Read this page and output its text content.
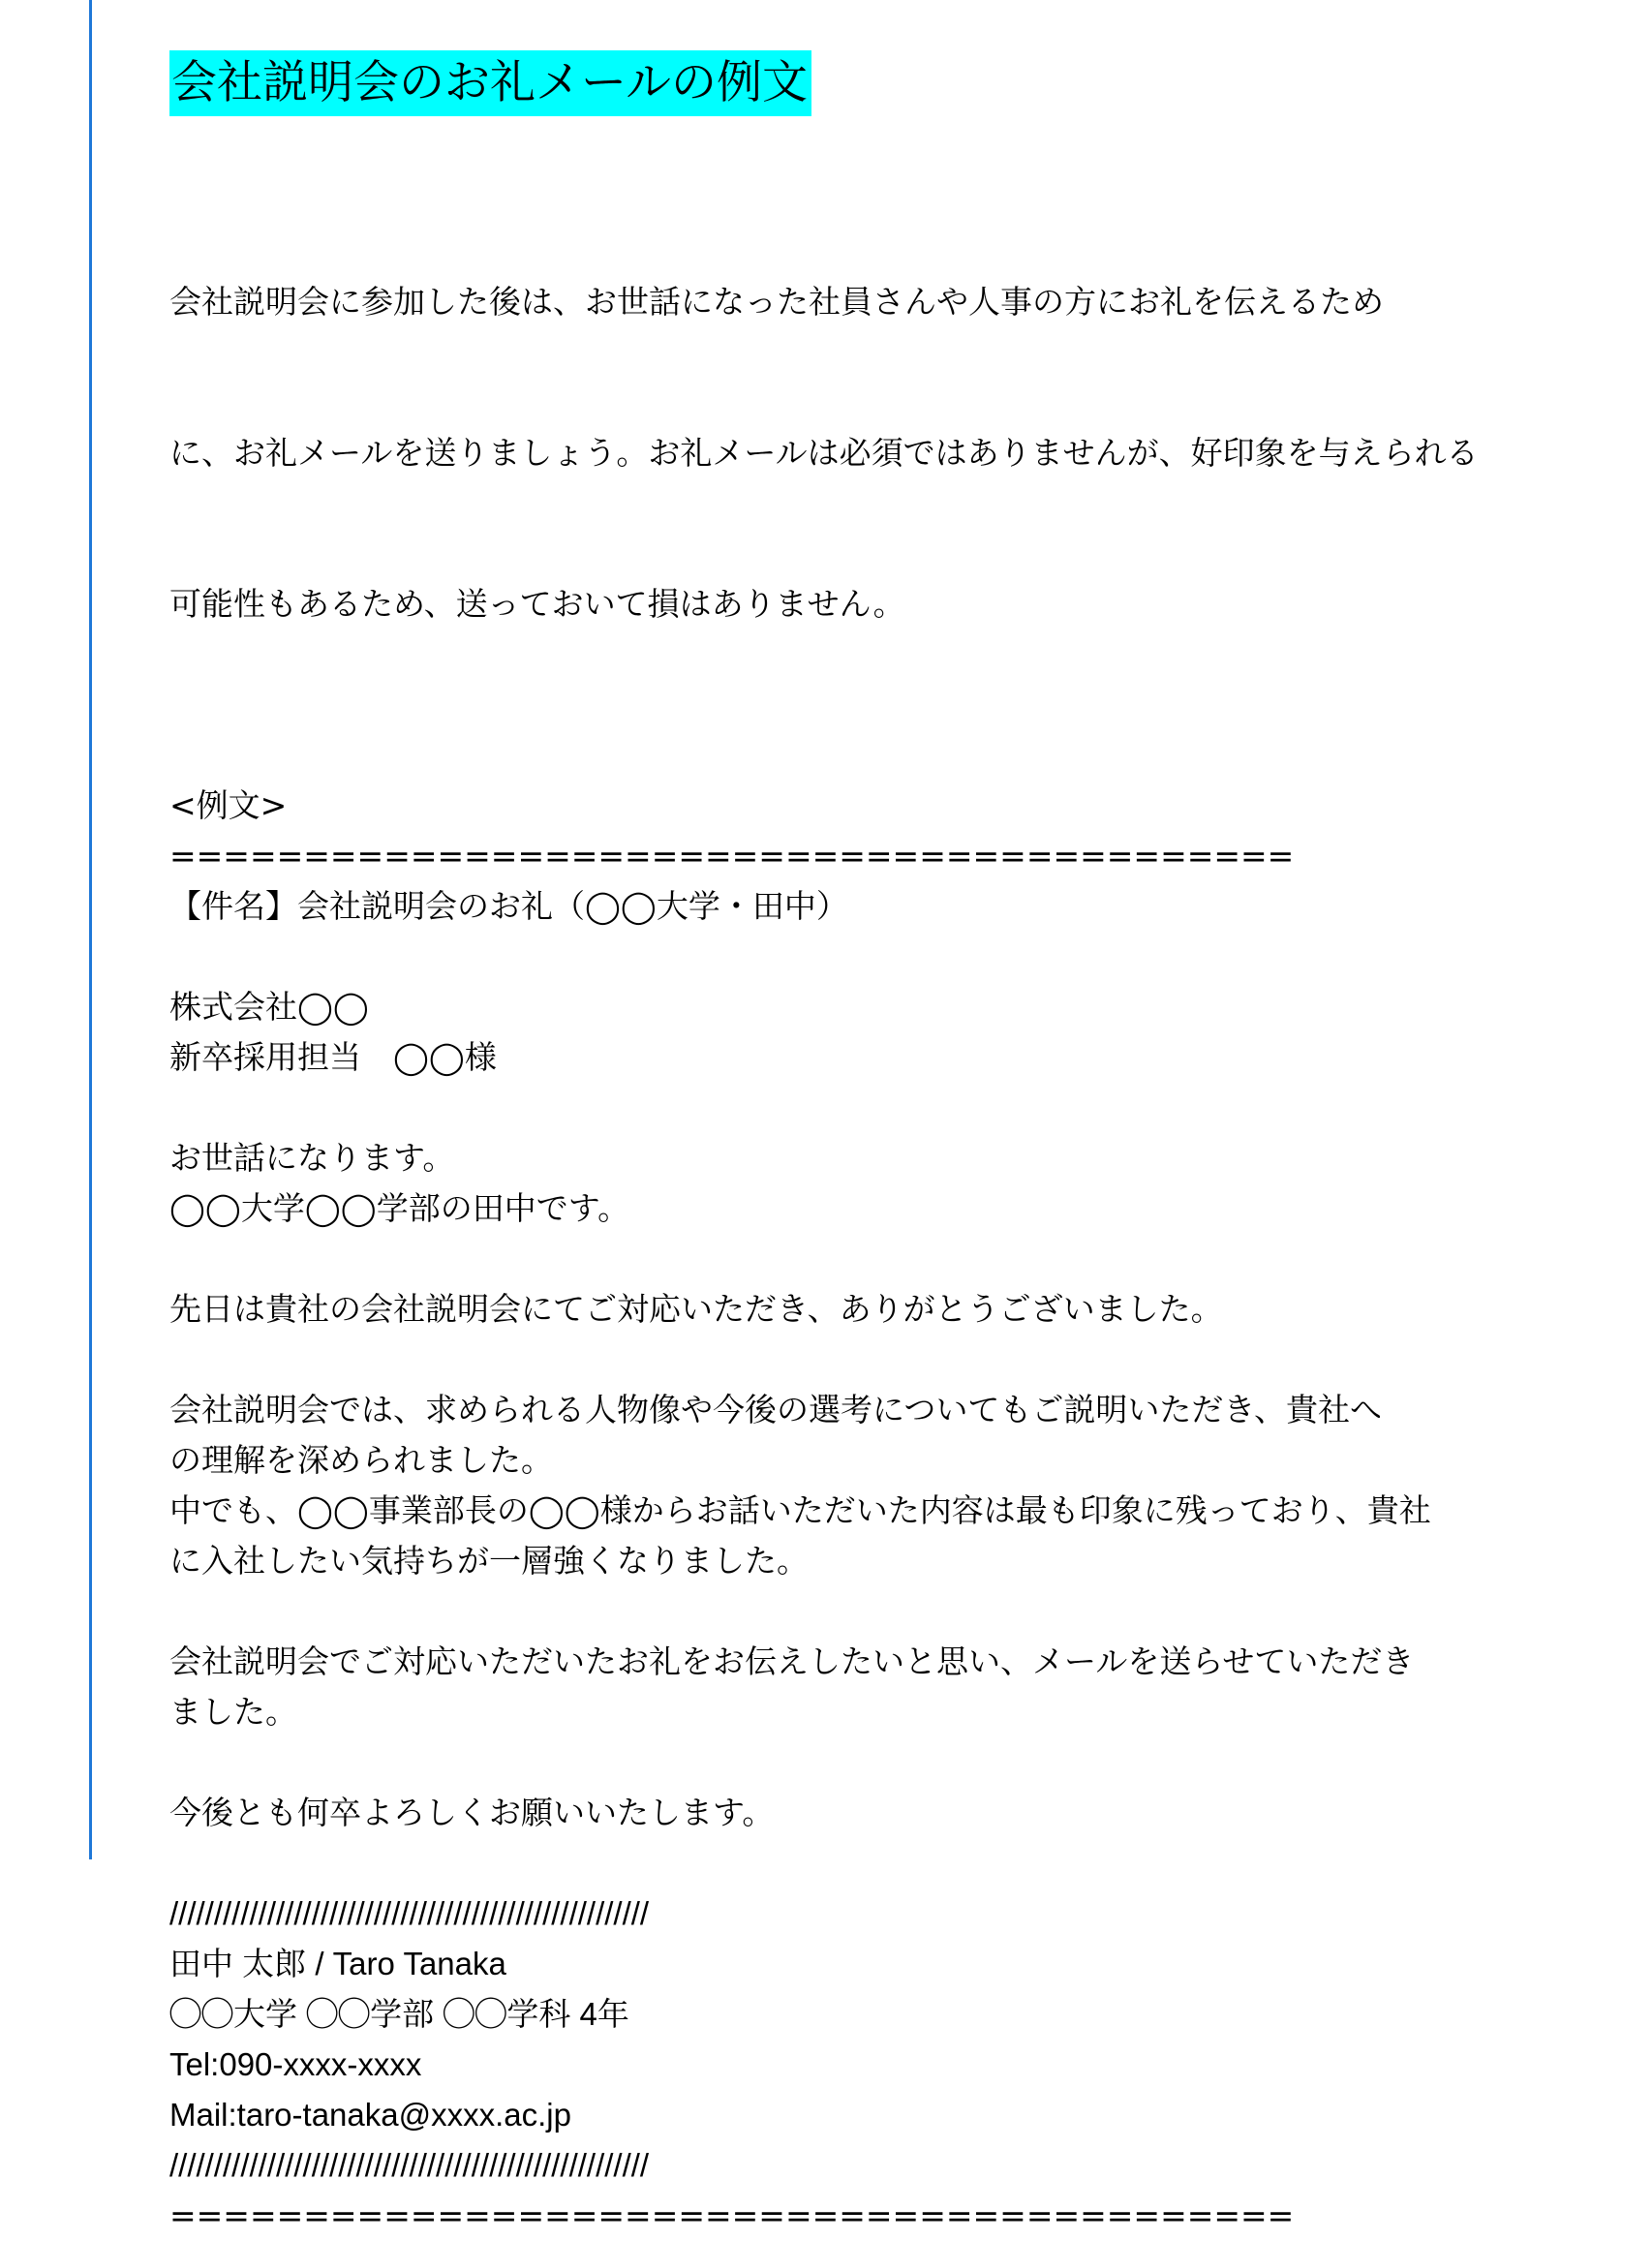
会社説明会のお礼メールの例文

会社説明会に参加した後は、お世話になった社員さんや人事の方にお礼を伝えるため

に、お礼メールを送りましょう。お礼メールは必須ではありませんが、好印象を与えられる

可能性もあるため、送っておいて損はありません。

<例文>
==========================================
【件名】会社説明会のお礼（◯◯大学・田中）
株式会社◯◯
新卒採用担当　◯◯様
お世話になります。
◯◯大学◯◯学部の田中です。
先日は貴社の会社説明会にてご対応いただき、ありがとうございました。
会社説明会では、求められる人物像や今後の選考についてもご説明いただき、貴社へ
の理解を深められました。
中でも、◯◯事業部長の◯◯様からお話いただいた内容は最も印象に残っており、貴社
に入社したい気持ちが一層強くなりました。
会社説明会でご対応いただいたお礼をお伝えしたいと思い、メールを送らせていただき
ました。
今後とも何卒よろしくお願いいたします。
//////////////////////////////////////////////////////
田中 太郎 / Taro Tanaka
◯◯大学 ◯◯学部 ◯◯学科 4年
Tel:090-xxxx-xxxx
Mail:taro-tanaka@xxxx.ac.jp
//////////////////////////////////////////////////////
==========================================
